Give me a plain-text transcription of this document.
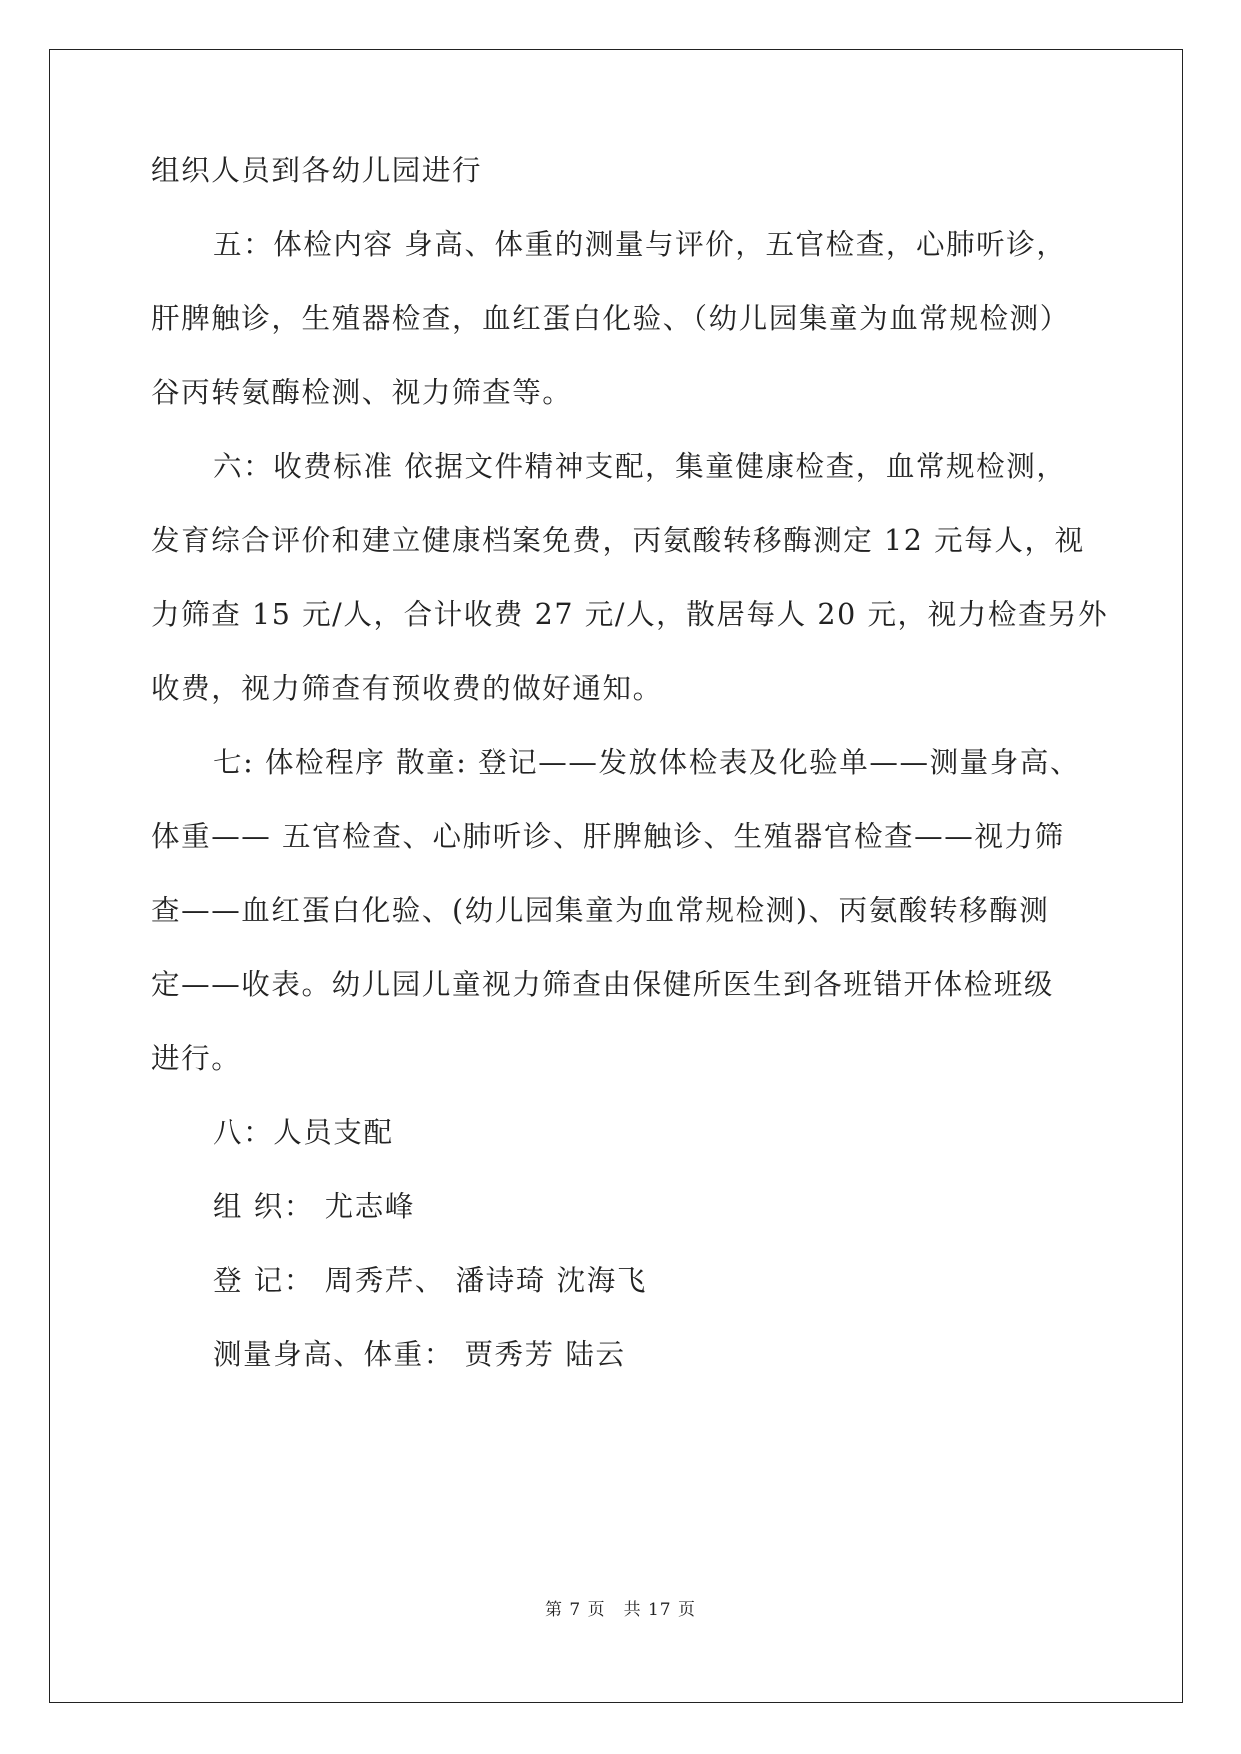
组织人员到各幼儿园进行
五：体检内容 身高、体重的测量与评价，五官检查，心肺听诊，
肝脾触诊，生殖器检查，血红蛋白化验、（幼儿园集童为血常规检测）
谷丙转氨酶检测、视力筛查等。
六：收费标准 依据文件精神支配，集童健康检查，血常规检测，
发育综合评价和建立健康档案免费，丙氨酸转移酶测定 12 元每人，视
力筛查 15 元/人，合计收费 27 元/人，散居每人 20 元，视力检查另外
收费，视力筛查有预收费的做好通知。
七: 体检程序 散童: 登记——发放体检表及化验单——测量身高、
体重—— 五官检查、心肺听诊、肝脾触诊、生殖器官检查——视力筛
查——血红蛋白化验、(幼儿园集童为血常规检测)、丙氨酸转移酶测
定——收表。幼儿园儿童视力筛查由保健所医生到各班错开体检班级
进行。
八：人员支配
组 织： 尤志峰
登 记： 周秀芹、 潘诗琦 沈海飞
测量身高、体重： 贾秀芳 陆云
第 7 页　共 17 页
